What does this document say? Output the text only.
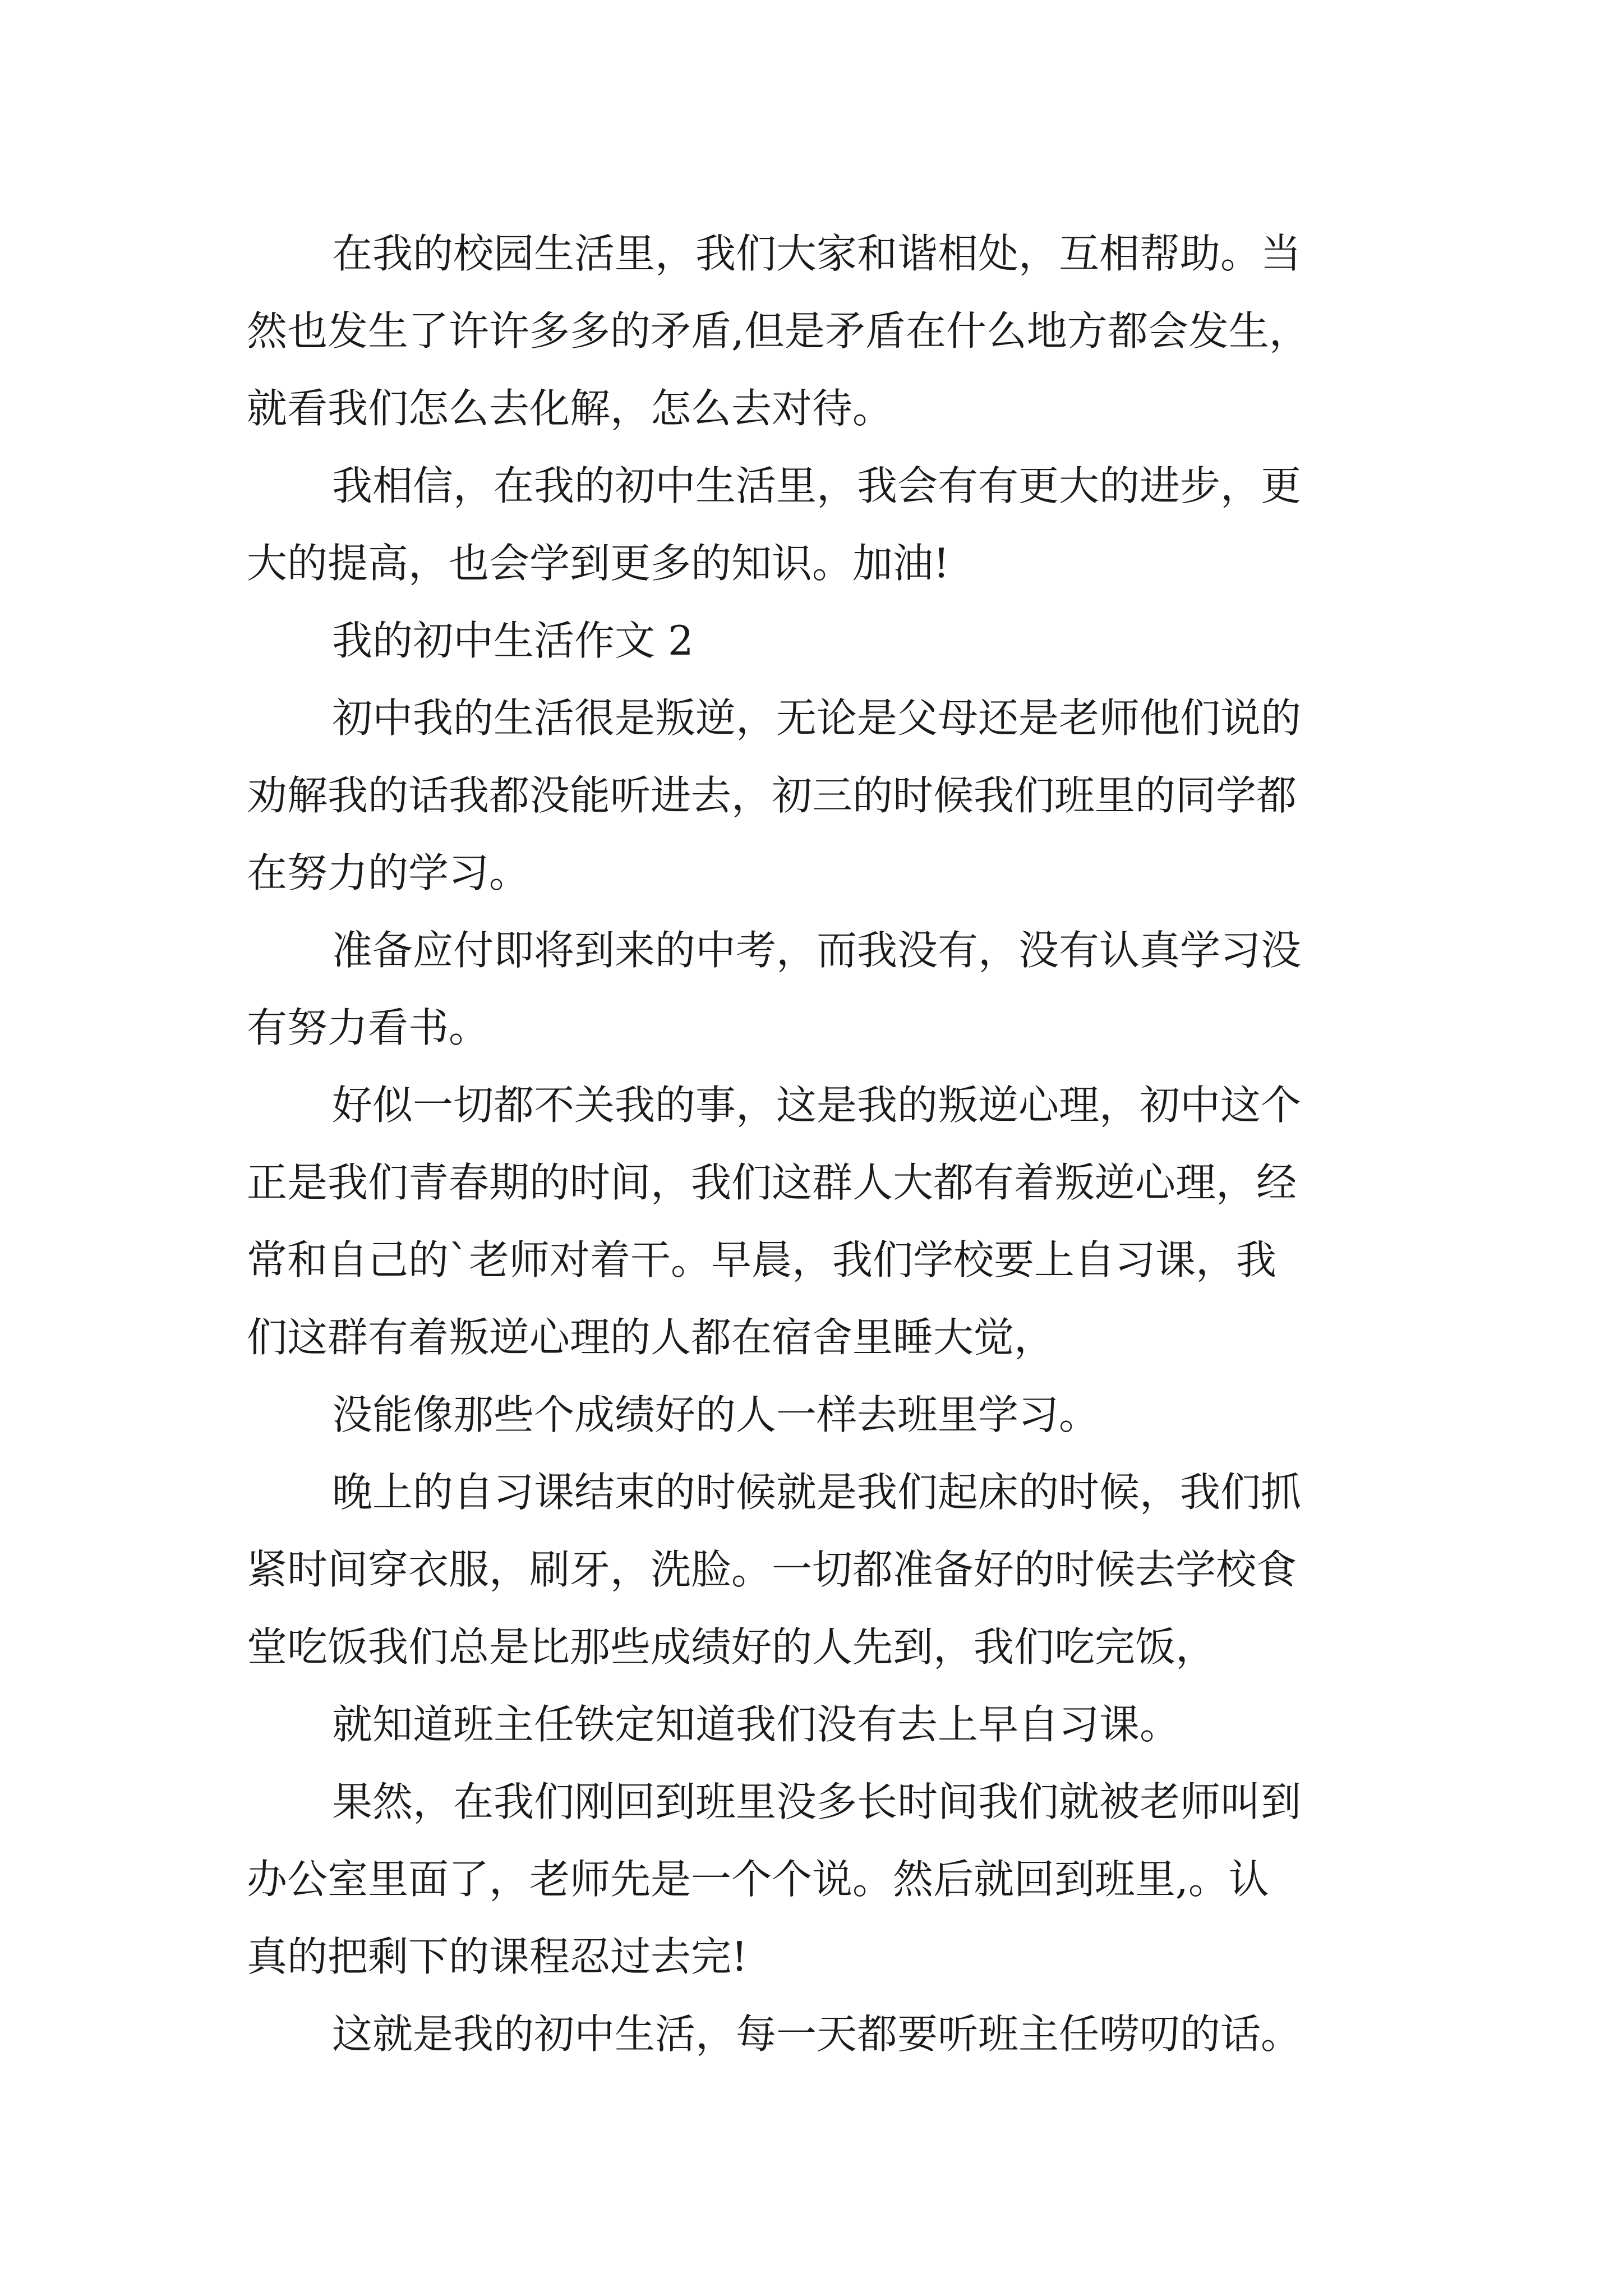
在我的校园生活里，我们大家和谐相处，互相帮助。当
然也发生了许许多多的矛盾,但是矛盾在什么地方都会发生，
就看我们怎么去化解，怎么去对待。
我相信，在我的初中生活里，我会有有更大的进步，更
大的提高，也会学到更多的知识。加油!
我的初中生活作文 2
初中我的生活很是叛逆，无论是父母还是老师他们说的
劝解我的话我都没能听进去，初三的时候我们班里的同学都
在努力的学习。
准备应付即将到来的中考，而我没有，没有认真学习没
有努力看书。
好似一切都不关我的事，这是我的叛逆心理，初中这个
正是我们青春期的时间，我们这群人大都有着叛逆心理，经
常和自己的`老师对着干。早晨，我们学校要上自习课，我
们这群有着叛逆心理的人都在宿舍里睡大觉，
没能像那些个成绩好的人一样去班里学习。
晚上的自习课结束的时候就是我们起床的时候，我们抓
紧时间穿衣服，刷牙，洗脸。一切都准备好的时候去学校食
堂吃饭我们总是比那些成绩好的人先到，我们吃完饭，
就知道班主任铁定知道我们没有去上早自习课。
果然，在我们刚回到班里没多长时间我们就被老师叫到
办公室里面了，老师先是一个个说。然后就回到班里,。认
真的把剩下的课程忍过去完!
这就是我的初中生活，每一天都要听班主任唠叨的话。
